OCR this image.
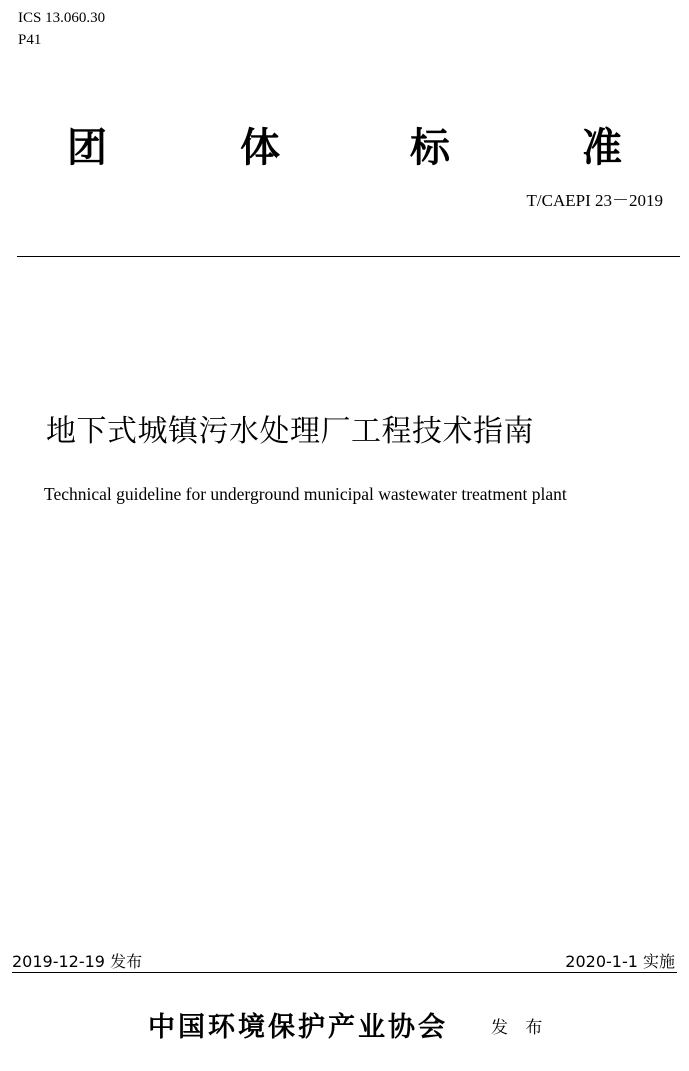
ICS 13.060.30
P41
团	体	标	准
T/CAEPI 23－2019
地下式城镇污水处理厂工程技术指南
Technical guideline for underground municipal wastewater treatment plant
2019-12-19 发布	2020-1-1 实施
中国环境保护产业协会	发 布
